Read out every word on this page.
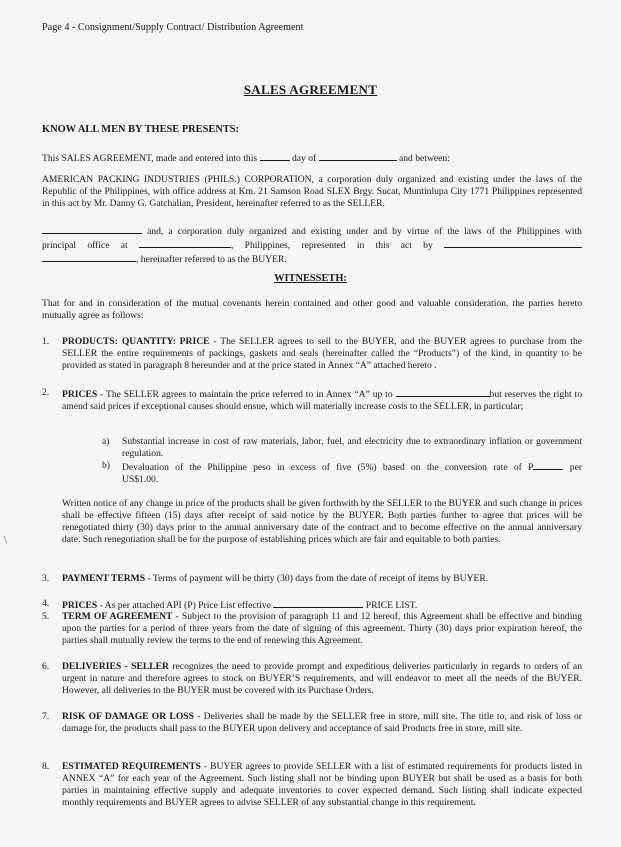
Page 4 - Consignment/Supply Contract/ Distribution Agreement
SALES AGREEMENT
KNOW ALL MEN BY THESE PRESENTS:
This SALES AGREEMENT, made and entered into this	day of	and between:
AMERICAN PACKING INDUSTRIES (PHILS.) CORPORATION, a corporation duly organized and existing under the laws of the Republic of the Philippines, with office address at Km. 21 Samson Road SLEX Brgy. Sucat, Muntinlupa City 1771 Philippines represented in this act by Mr. Danny G. Gatchalian, President, hereinafter referred to as the SELLER.
and, a corporation duly organized and existing under and by virtue of the laws of the Philippines with
principal office at	, Philippines, represented in this act by
, hereinafter referred to as the BUYER.
WITNESSETH:
That for and in consideration of the mutual covenants herein contained and other good and valuable consideration, the parties hereto mutually agree as follows:
1. PRODUCTS: QUANTITY: PRICE - The SELLER agrees to sell to the BUYER, and the BUYER agrees to purchase from the SELLER the entire requirements of packings, gaskets and seals (hereinafter called the “Products”) of the kind, in quantity to be provided as stated in paragraph 8 hereunder and at the price stated in Annex “A” attached hereto .
2. PRICES - The SELLER agrees to maintain the price referred to in Annex “A” up to	but reserves the right to amend said prices if exceptional causes should ensue, which will materially increase costs to the SELLER, in particular;
a) Substantial increase in cost of raw materials, labor, fuel, and electricity due to extraordinary inflation or government regulation.
b) Devaluation of the Philippine peso in excess of five (5%) based on the conversion rate of P	per
US$1.00.
Written notice of any change in price of the products shall be given forthwith by the SELLER to the BUYER and such change in prices shall be effective fifteen (15) days after receipt of said notice by the BUYER. Both parties further to agree that prices will be renegotiated thirty (30) days prior to the annual anniversary date of the contract and to become effective on the annual anniversary date. Such renegotiation shall be for the purpose of establishing prices which are fair and equitable to both parties.
\
3. PAYMENT TERMS - Terms of payment will be thirty (30) days from the date of receipt of items by BUYER.
4. PRICES - As per attached API (P) Price List effective	PRICE LIST.
5. TERM OF AGREEMENT - Subject to the provision of paragraph 11 and 12 hereof, this Agreement shall be effective and binding upon the parties for a period of three years from the date of signing of this agreement. Thirty (30) days prior expiration hereof, the parties shall mutually review the terms to the end of renewing this Agreement.
6. DELIVERIES - SELLER recognizes the need to provide prompt and expeditious deliveries particularly in regards to orders of an urgent in nature and therefore agrees to stock on BUYER’S requirements, and will endeavor to meet all the needs of the BUYER. However, all deliveries to the BUYER must be covered with its Purchase Orders.
7. RISK OF DAMAGE OR LOSS - Deliveries shall be made by the SELLER free in store, mill site. The title to, and risk of loss or damage for, the products shall pass to the BUYER upon delivery and acceptance of said Products free in store, mill site.
8. ESTIMATED REQUIREMENTS - BUYER agrees to provide SELLER with a list of estimated requirements for products listed in ANNEX “A” for each year of the Agreement. Such listing shall not be binding upon BUYER but shall be used as a basis for both parties in maintaining effective supply and adequate inventories to cover expected demand. Such listing shall indicate expected monthly requirements and BUYER agrees to advise SELLER of any substantial change in this requirement.
